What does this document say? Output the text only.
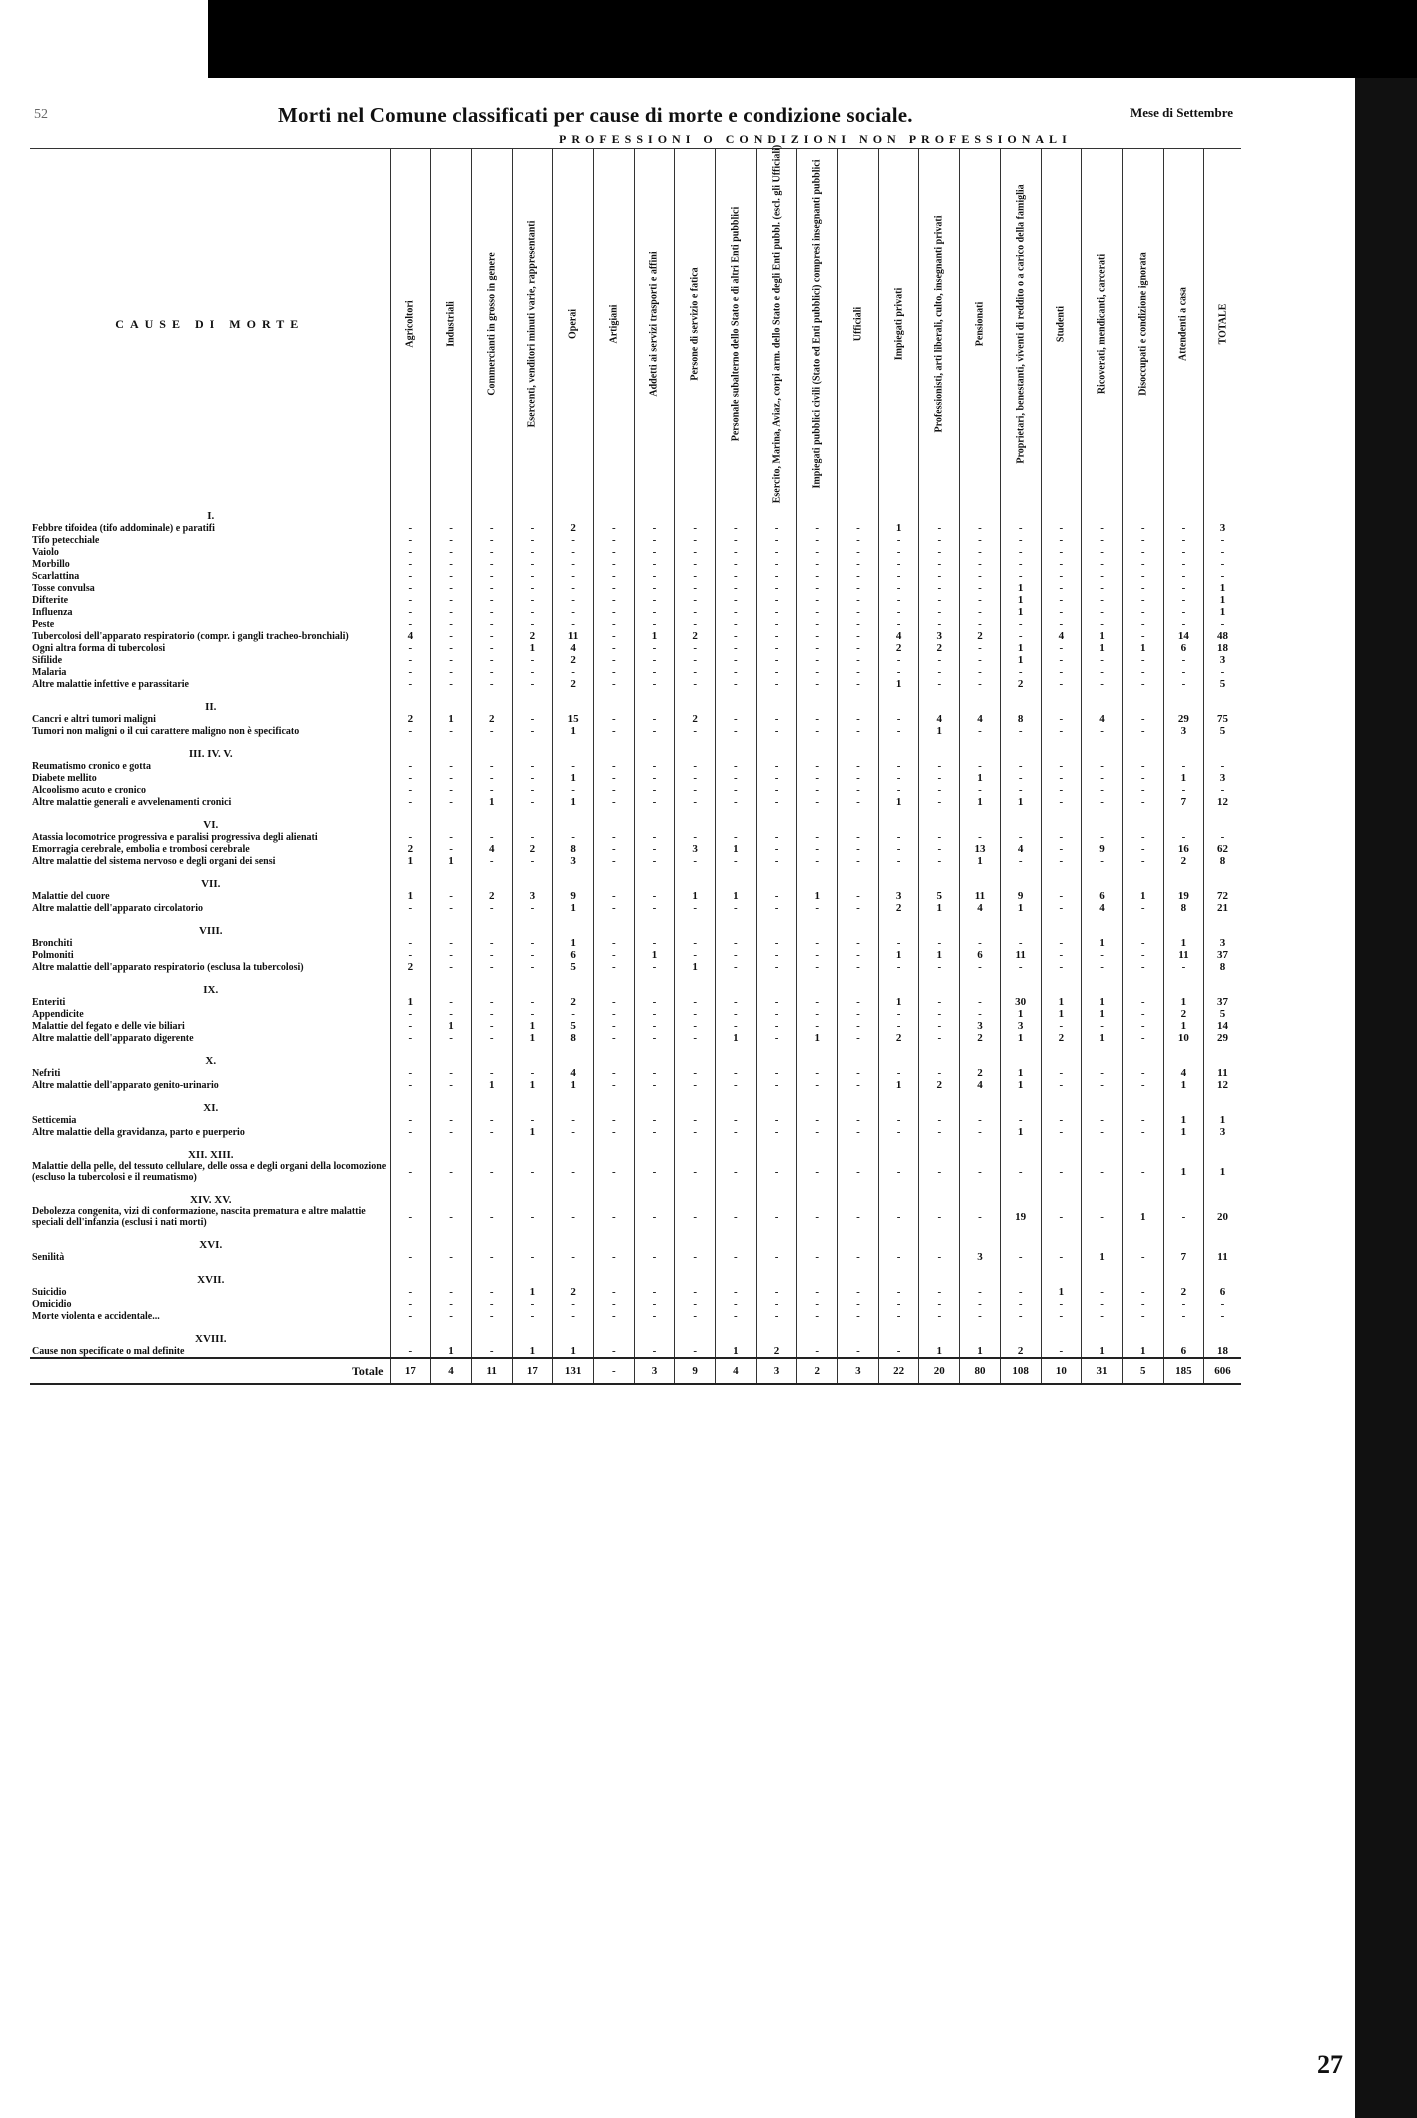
52	Morti nel Comune classificati per cause di morte e condizione sociale.	Mese di Settembre
	PROFESSIONI O CONDIZIONI NON PROFESSIONALI																				
CAUSE DI MORTE	Agricoltori	Industriali	Commercianti in grosso in genere	Esercenti, venditori minuti varie, rappresentanti	Operai	Artigiani	Addetti ai servizi trasporti e affini	Persone di servizio e fatica	Personale subalterno dello Stato e di altri Enti pubblici	Esercito, Marina, Aviaz., corpi arm. dello Stato e degli Enti pubbl. (escl. gli Ufficiali)	Impiegati pubblici civili (Stato ed Enti pubblici) compresi insegnanti pubblici	Ufficiali	Impiegati privati	Professionisti, arti liberali, culto, insegnanti privati	Pensionati	Proprietari, benestanti, viventi di reddito o a carico della famiglia	Studenti	Ricoverati, mendicanti, carcerati	Disoccupati e condizione ignorata	Attendenti a casa	TOTALE

I.																					
Febbre tifoidea (tifo addominale) e paratifi	-	-	-	-	2	-	-	-	-	-	-	-	1	-	-	-	-	-	-	-	3
Tifo petecchiale	-	-	-	-	-	-	-	-	-	-	-	-	-	-	-	-	-	-	-	-	-
Vaiolo	-	-	-	-	-	-	-	-	-	-	-	-	-	-	-	-	-	-	-	-	-
Morbillo	-	-	-	-	-	-	-	-	-	-	-	-	-	-	-	-	-	-	-	-	-
Scarlattina	-	-	-	-	-	-	-	-	-	-	-	-	-	-	-	-	-	-	-	-	-
Tosse convulsa	-	-	-	-	-	-	-	-	-	-	-	-	-	-	-	1	-	-	-	-	1
Difterite	-	-	-	-	-	-	-	-	-	-	-	-	-	-	-	1	-	-	-	-	1
Influenza	-	-	-	-	-	-	-	-	-	-	-	-	-	-	-	1	-	-	-	-	1
Peste	-	-	-	-	-	-	-	-	-	-	-	-	-	-	-	-	-	-	-	-	-
Tubercolosi dell'apparato respiratorio (compr. i gangli tracheo-bronchiali)	4	-	-	2	11	-	1	2	-	-	-	-	4	3	2	-	4	1	-	14	48
Ogni altra forma di tubercolosi	-	-	-	1	4	-	-	-	-	-	-	-	2	2	-	1	-	1	1	6	18
Sifilide	-	-	-	-	2	-	-	-	-	-	-	-	-	-	-	1	-	-	-	-	3
Malaria	-	-	-	-	-	-	-	-	-	-	-	-	-	-	-	-	-	-	-	-	-
Altre malattie infettive e parassitarie	-	-	-	-	2	-	-	-	-	-	-	-	1	-	-	2	-	-	-	-	5
II.																					
Cancri e altri tumori maligni	2	1	2	-	15	-	-	2	-	-	-	-	-	4	4	8	-	4	-	29	75
Tumori non maligni o il cui carattere maligno non è specificato	-	-	-	-	1	-	-	-	-	-	-	-	-	1	-	-	-	-	-	3	5
III. IV. V.																					
Reumatismo cronico e gotta	-	-	-	-	-	-	-	-	-	-	-	-	-	-	-	-	-	-	-	-	-
Diabete mellito	-	-	-	-	1	-	-	-	-	-	-	-	-	-	1	-	-	-	-	1	3
Alcoolismo acuto e cronico	-	-	-	-	-	-	-	-	-	-	-	-	-	-	-	-	-	-	-	-	-
Altre malattie generali e avvelenamenti cronici	-	-	1	-	1	-	-	-	-	-	-	-	1	-	1	1	-	-	-	7	12
VI.																					
Atassia locomotrice progressiva e paralisi progressiva degli alienati	-	-	-	-	-	-	-	-	-	-	-	-	-	-	-	-	-	-	-	-	-
Emorragia cerebrale, embolia e trombosi cerebrale	2	-	4	2	8	-	-	3	1	-	-	-	-	-	13	4	-	9	-	16	62
Altre malattie del sistema nervoso e degli organi dei sensi	1	1	-	-	3	-	-	-	-	-	-	-	-	-	1	-	-	-	-	2	8
VII.																					
Malattie del cuore	1	-	2	3	9	-	-	1	1	-	1	-	3	5	11	9	-	6	1	19	72
Altre malattie dell'apparato circolatorio	-	-	-	-	1	-	-	-	-	-	-	-	2	1	4	1	-	4	-	8	21
VIII.																					
Bronchiti	-	-	-	-	1	-	-	-	-	-	-	-	-	-	-	-	-	1	-	1	3
Polmoniti	-	-	-	-	6	-	1	-	-	-	-	-	1	1	6	11	-	-	-	11	37
Altre malattie dell'apparato respiratorio (esclusa la tubercolosi)	2	-	-	-	5	-	-	1	-	-	-	-	-	-	-	-	-	-	-	-	8
IX.																					
Enteriti	1	-	-	-	2	-	-	-	-	-	-	-	1	-	-	30	1	1	-	1	37
Appendicite	-	-	-	-	-	-	-	-	-	-	-	-	-	-	-	1	1	1	-	2	5
Malattie del fegato e delle vie biliari	-	1	-	1	5	-	-	-	-	-	-	-	-	-	3	3	-	-	-	1	14
Altre malattie dell'apparato digerente	-	-	-	1	8	-	-	-	1	-	1	-	2	-	2	1	2	1	-	10	29
X.																					
Nefriti	-	-	-	-	4	-	-	-	-	-	-	-	-	-	2	1	-	-	-	4	11
Altre malattie dell'apparato genito-urinario	-	-	1	1	1	-	-	-	-	-	-	-	1	2	4	1	-	-	-	1	12
XI.																					
Setticemia	-	-	-	-	-	-	-	-	-	-	-	-	-	-	-	-	-	-	-	1	1
Altre malattie della gravidanza, parto e puerperio	-	-	-	1	-	-	-	-	-	-	-	-	-	-	-	1	-	-	-	1	3
XII. XIII.																					
Malattie della pelle, del tessuto cellulare, delle ossa e degli organi della locomozione (escluso la tubercolosi e il reumatismo)	-	-	-	-	-	-	-	-	-	-	-	-	-	-	-	-	-	-	-	1	1
XIV. XV.																					
Debolezza congenita, vizi di conformazione, nascita prematura e altre malattie speciali dell'infanzia (esclusi i nati morti)	-	-	-	-	-	-	-	-	-	-	-	-	-	-	-	19	-	-	1	-	20
XVI.																					
Senilità	-	-	-	-	-	-	-	-	-	-	-	-	-	-	3	-	-	1	-	7	11
XVII.																					
Suicidio	-	-	-	1	2	-	-	-	-	-	-	-	-	-	-	-	1	-	-	2	6
Omicidio	-	-	-	-	-	-	-	-	-	-	-	-	-	-	-	-	-	-	-	-	-
Morte violenta e accidentale...	-	-	-	-	-	-	-	-	-	-	-	-	-	-	-	-	-	-	-	-	-
XVIII.																					
Cause non specificate o mal definite	-	1	-	1	1	-	-	-	1	2	-	-	-	1	1	2	-	1	1	6	18
Totale	17	4	11	17	131	-	3	9	4	3	2	3	22	20	80	108	10	31	5	185	606
27
